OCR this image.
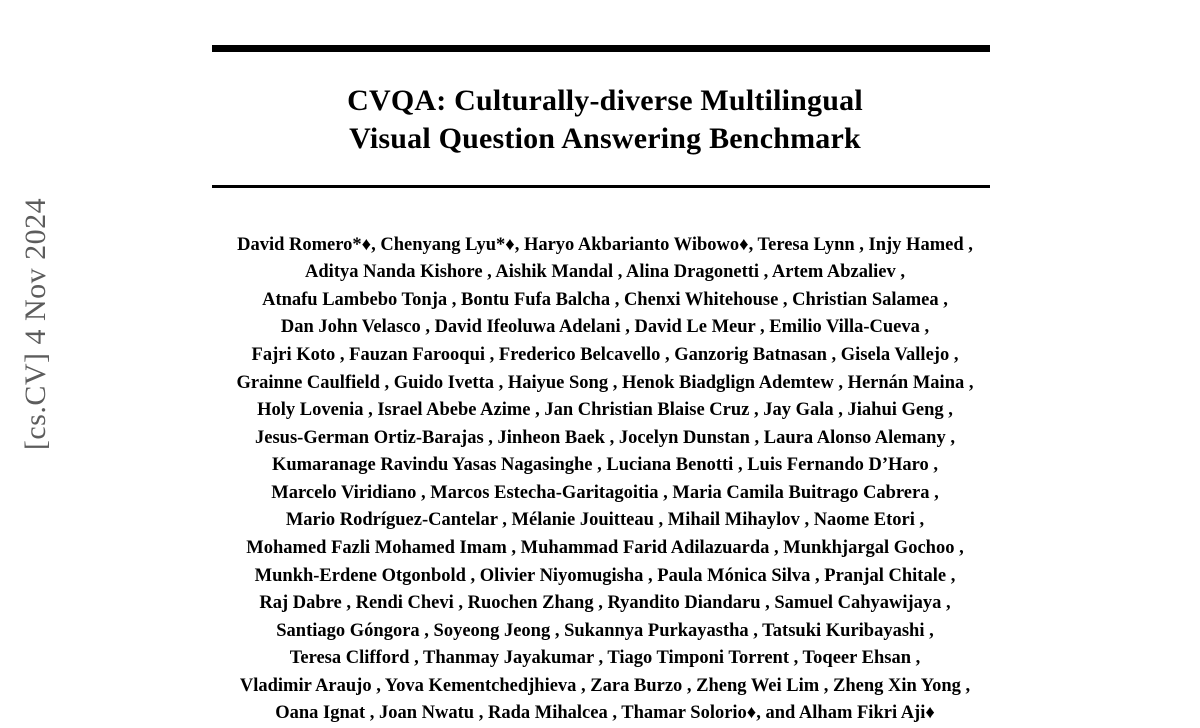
[cs.CV] 4 Nov 2024
CVQA: Culturally-diverse Multilingual
Visual Question Answering Benchmark
David Romero*♦, Chenyang Lyu*♦, Haryo Akbarianto Wibowo♦, Teresa Lynn , Injy Hamed ,
Aditya Nanda Kishore , Aishik Mandal , Alina Dragonetti , Artem Abzaliev ,
Atnafu Lambebo Tonja , Bontu Fufa Balcha , Chenxi Whitehouse , Christian Salamea ,
Dan John Velasco , David Ifeoluwa Adelani , David Le Meur , Emilio Villa-Cueva ,
Fajri Koto , Fauzan Farooqui , Frederico Belcavello , Ganzorig Batnasan , Gisela Vallejo ,
Grainne Caulfield , Guido Ivetta , Haiyue Song , Henok Biadglign Ademtew , Hernán Maina ,
Holy Lovenia , Israel Abebe Azime , Jan Christian Blaise Cruz , Jay Gala , Jiahui Geng ,
Jesus-German Ortiz-Barajas , Jinheon Baek , Jocelyn Dunstan , Laura Alonso Alemany ,
Kumaranage Ravindu Yasas Nagasinghe , Luciana Benotti , Luis Fernando D’Haro ,
Marcelo Viridiano , Marcos Estecha-Garitagoitia , Maria Camila Buitrago Cabrera ,
Mario Rodríguez-Cantelar , Mélanie Jouitteau , Mihail Mihaylov , Naome Etori ,
Mohamed Fazli Mohamed Imam , Muhammad Farid Adilazuarda , Munkhjargal Gochoo ,
Munkh-Erdene Otgonbold , Olivier Niyomugisha , Paula Mónica Silva , Pranjal Chitale ,
Raj Dabre , Rendi Chevi , Ruochen Zhang , Ryandito Diandaru , Samuel Cahyawijaya ,
Santiago Góngora , Soyeong Jeong , Sukannya Purkayastha , Tatsuki Kuribayashi ,
Teresa Clifford , Thanmay Jayakumar , Tiago Timponi Torrent , Toqeer Ehsan ,
Vladimir Araujo , Yova Kementchedjhieva , Zara Burzo , Zheng Wei Lim , Zheng Xin Yong ,
Oana Ignat , Joan Nwatu , Rada Mihalcea , Thamar Solorio♦, and Alham Fikri Aji♦
